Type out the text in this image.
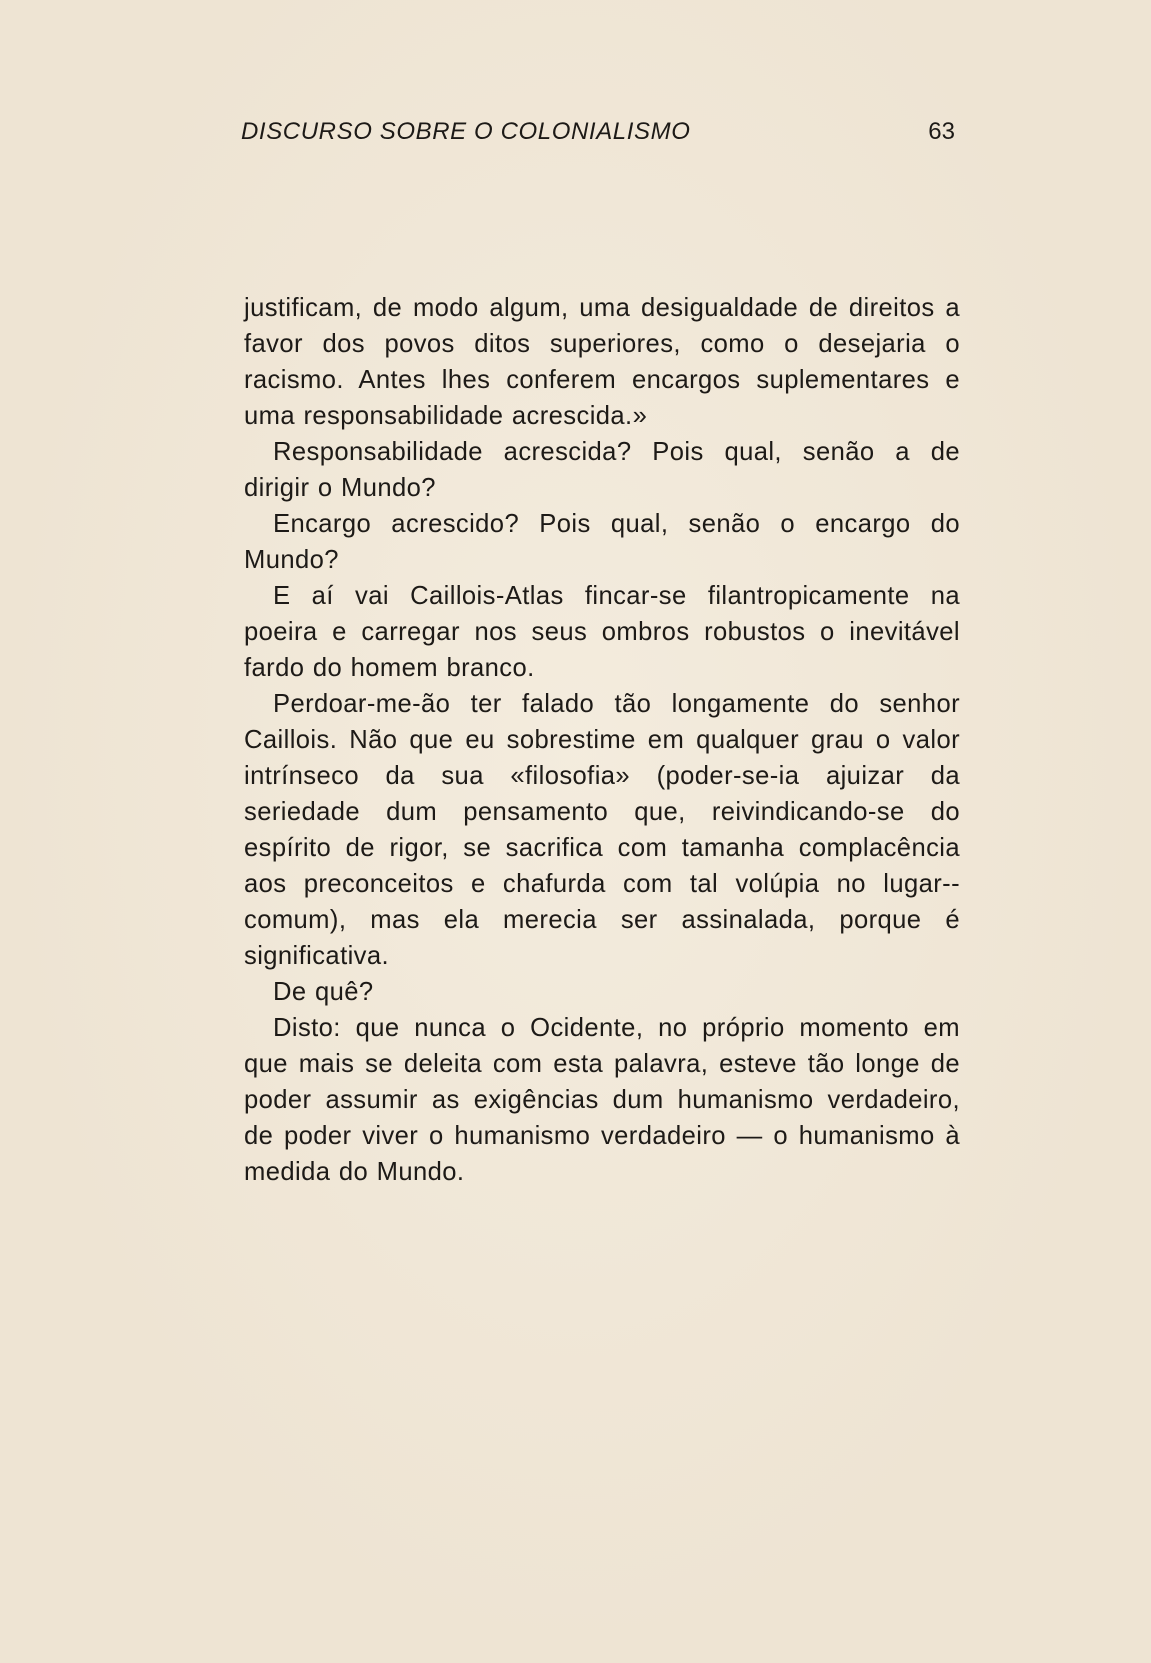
DISCURSO SOBRE O COLONIALISMO	63

justificam, de modo algum, uma desigualdade de direitos a favor dos povos ditos superiores, como o desejaria o racismo. Antes lhes conferem encargos suplementares e uma responsabilidade acrescida.»

Responsabilidade acrescida? Pois qual, senão a de dirigir o Mundo?

Encargo acrescido? Pois qual, senão o encargo do Mundo?

E aí vai Caillois-Atlas fincar-se filantropicamente na poeira e carregar nos seus ombros robustos o inevitável fardo do homem branco.

Perdoar-me-ão ter falado tão longamente do senhor Caillois. Não que eu sobrestime em qualquer grau o valor intrínseco da sua «filosofia» (poder-se-ia ajuizar da seriedade dum pensamento que, reivindicando-se do espírito de rigor, se sacrifica com tamanha complacência aos preconceitos e chafurda com tal volúpia no lugar--comum), mas ela merecia ser assinalada, porque é significativa.

De quê?

Disto: que nunca o Ocidente, no próprio momento em que mais se deleita com esta palavra, esteve tão longe de poder assumir as exigências dum humanismo verdadeiro, de poder viver o humanismo verdadeiro — o humanismo à medida do Mundo.
